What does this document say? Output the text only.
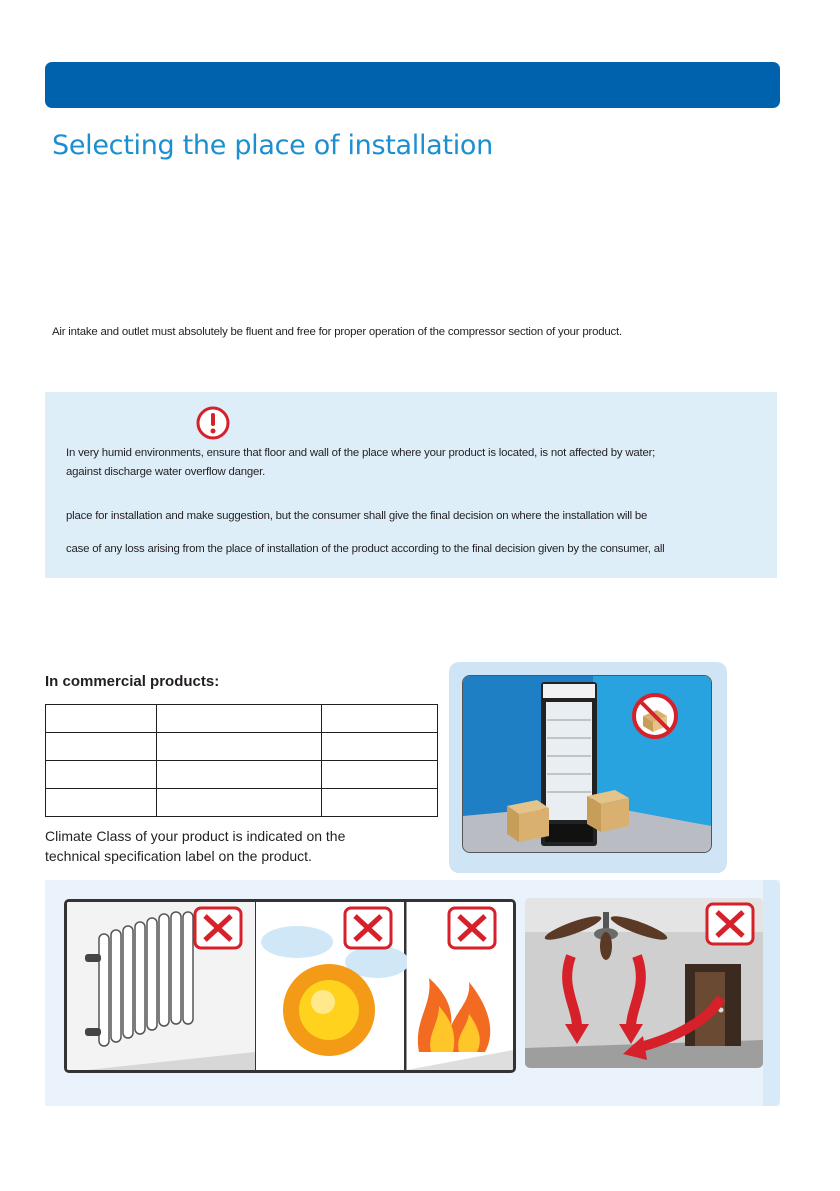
Selecting the place of installation
Air intake and outlet must absolutely be fluent and free for proper operation of the compressor section of your product.
In very humid environments, ensure that floor and wall of the place where your product is located, is not affected by water;
against discharge water overflow danger.
place for installation and make suggestion, but the consumer shall give the final decision on where the installation will be
case of any loss arising from the place of installation of the product according to the final decision given by the consumer, all
In commercial products:

Climate Class of your product is indicated on the technical specification label on the product.
